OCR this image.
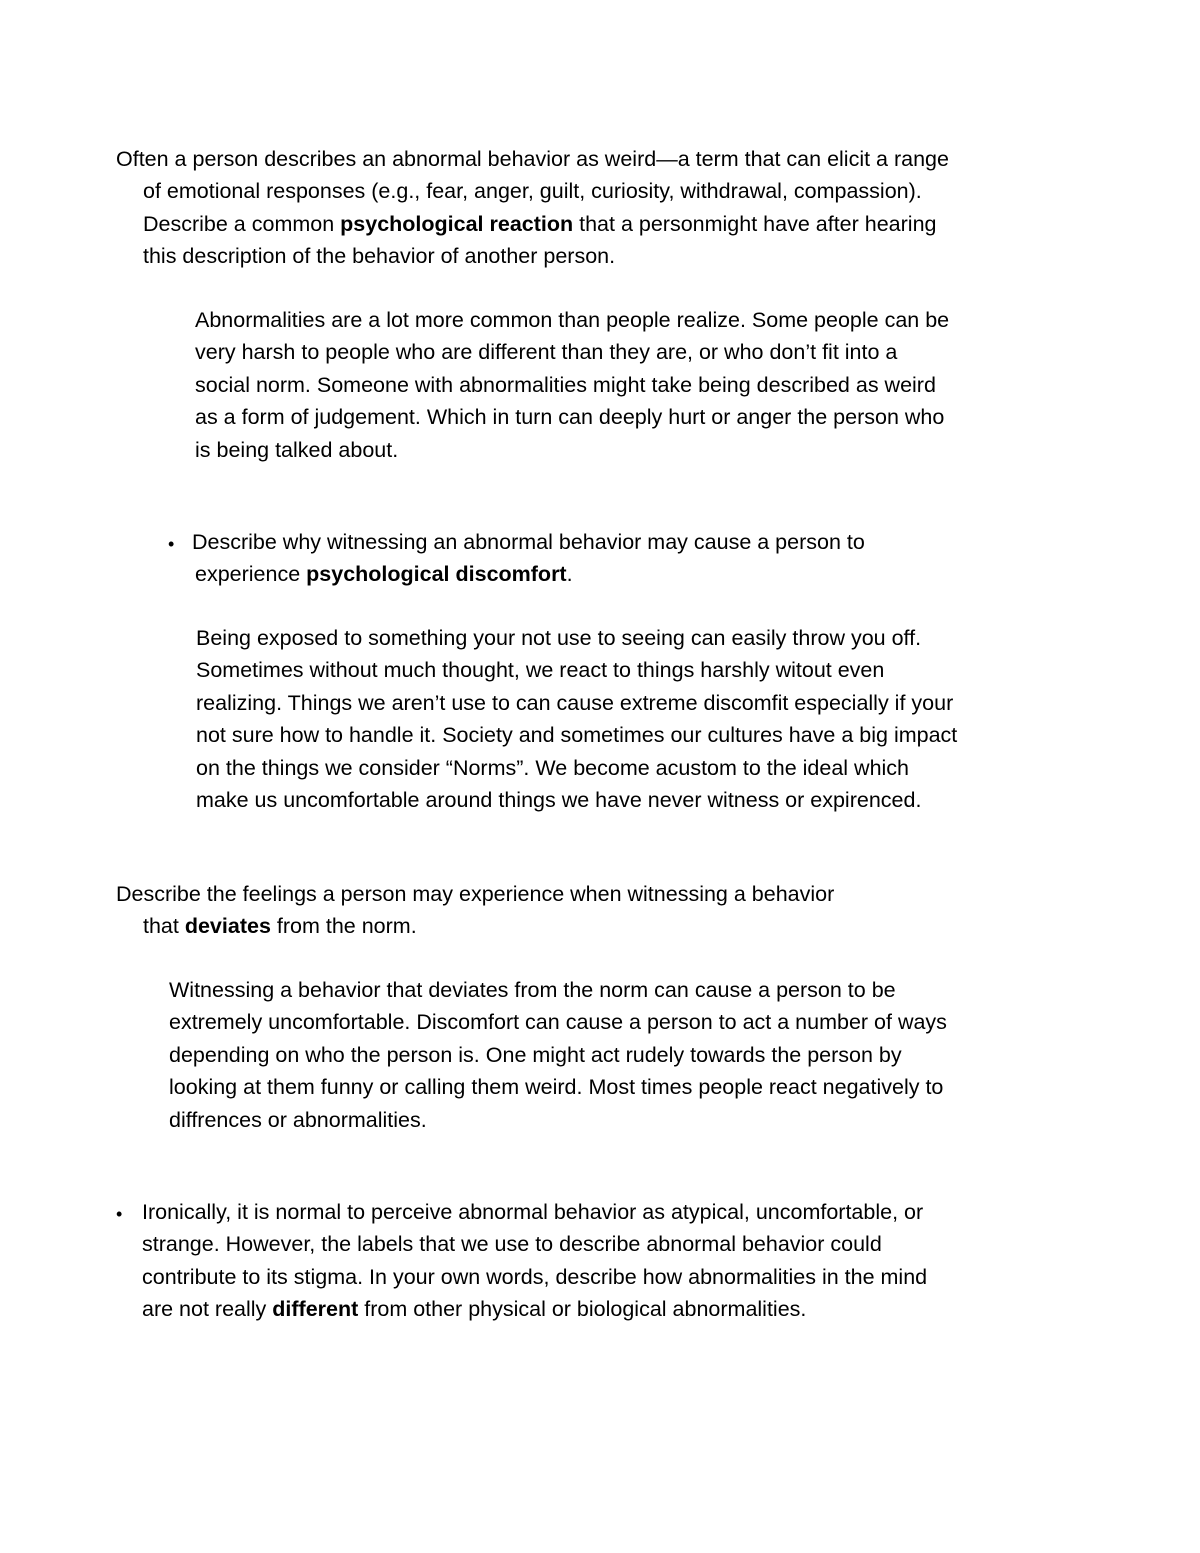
Often a person describes an abnormal behavior as weird—a term that can elicit a range
of emotional responses (e.g., fear, anger, guilt, curiosity, withdrawal, compassion).
Describe a common psychological reaction that a personmight have after hearing
this description of the behavior of another person.
Abnormalities are a lot more common than people realize. Some people can be
very harsh to people who are different than they are, or who don’t fit into a
social norm. Someone with abnormalities might take being described as weird
as a form of judgement. Which in turn can deeply hurt or anger the person who
is being talked about.
• Describe why witnessing an abnormal behavior may cause a person to
experience psychological discomfort.
Being exposed to something your not use to seeing can easily throw you off.
Sometimes without much thought, we react to things harshly witout even
realizing. Things we aren’t use to can cause extreme discomfit especially if your
not sure how to handle it. Society and sometimes our cultures have a big impact
on the things we consider “Norms”. We become acustom to the ideal which
make us uncomfortable around things we have never witness or expirenced.
Describe the feelings a person may experience when witnessing a behavior
that deviates from the norm.
Witnessing a behavior that deviates from the norm can cause a person to be
extremely uncomfortable. Discomfort can cause a person to act a number of ways
depending on who the person is. One might act rudely towards the person by
looking at them funny or calling them weird. Most times people react negatively to
diffrences or abnormalities.
• Ironically, it is normal to perceive abnormal behavior as atypical, uncomfortable, or
strange. However, the labels that we use to describe abnormal behavior could
contribute to its stigma. In your own words, describe how abnormalities in the mind
are not really different from other physical or biological abnormalities.
